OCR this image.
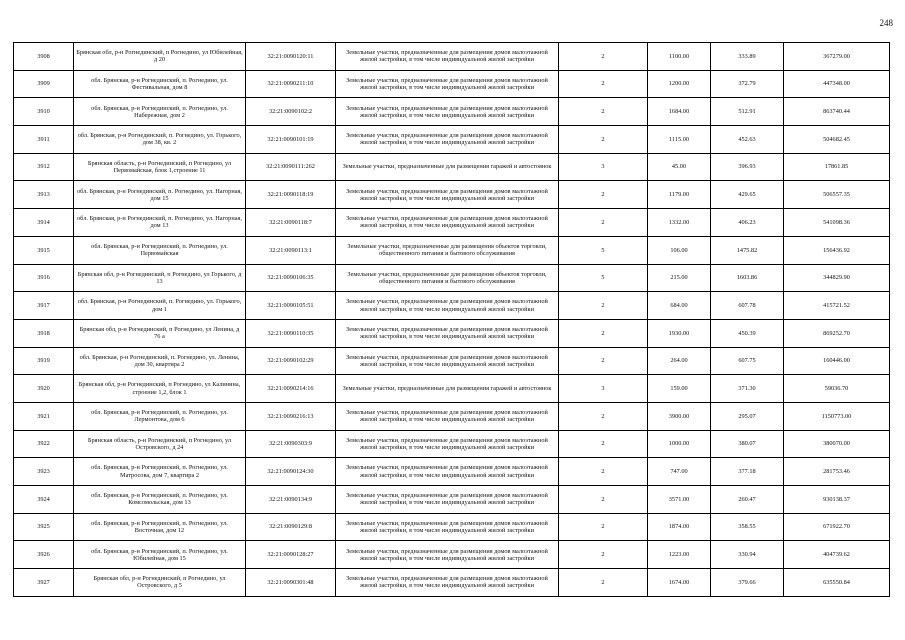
248
3908	Брянская обл, р-н Рогнединский, п Рогнедино, ул Юбилейная, д 20	32:21:0090120:11	Земельные участки, предназначенные для размещения домов малоэтажной жилой застройки, в том числе индивидуальной жилой застройки	2	1100.00	333.89	367279.00
3909	обл. Брянская, р-н Рогнединский, п. Рогнедино, ул. Фестивальная, дом 8	32:21:0090211:10	Земельные участки, предназначенные для размещения домов малоэтажной жилой застройки, в том числе индивидуальной жилой застройки	2	1200.00	372.79	447348.00
3910	обл. Брянская, р-н Рогнединский, п. Рогнедино, ул. Набережная, дом 2	32:21:0090102:2	Земельные участки, предназначенные для размещения домов малоэтажной жилой застройки, в том числе индивидуальной жилой застройки	2	1684.00	512.91	863740.44
3911	обл. Брянская, р-н Рогнединский, п. Рогнедино, ул. Горького, дом 38, кв. 2	32:21:0090101:19	Земельные участки, предназначенные для размещения домов малоэтажной жилой застройки, в том числе индивидуальной жилой застройки	2	1115.00	452.63	504682.45
3912	Брянская область, р-н Рогнединский, п Рогнедино, ул Первомайская, блок 1,строение 11	32:21:0090111:262	Земельные участки, предназначенные для размещения гаражей и автостоянок	3	45.00	396.93	17861.85
3913	обл. Брянская, р-н Рогнединский, п. Рогнедино, ул. Нагорная, дом 15	32:21:0090118:19	Земельные участки, предназначенные для размещения домов малоэтажной жилой застройки, в том числе индивидуальной жилой застройки	2	1179.00	429.65	506557.35
3914	обл. Брянская, р-н Рогнединский, п. Рогнедино, ул. Нагорная, дом 13	32:21:0090118:7	Земельные участки, предназначенные для размещения домов малоэтажной жилой застройки, в том числе индивидуальной жилой застройки	2	1332.00	406.23	541098.36
3915	обл. Брянская, р-н Рогнединский, п. Рогнедино, ул. Первомайская	32:21:0090113:1	Земельные участки, предназначенные для размещения объектов торговли, общественного питания и бытового обслуживания	5	106.00	1475.82	156436.92
3916	Брянская обл, р-н Рогнединский, п Рогнедино, ул Горького, д 13	32:21:0090106:35	Земельные участки, предназначенные для размещения объектов торговли, общественного питания и бытового обслуживания	5	215.00	1603.86	344829.90
3917	обл. Брянская, р-н Рогнединский, п. Рогнедино, ул. Горького, дом 1	32:21:0090105:51	Земельные участки, предназначенные для размещения домов малоэтажной жилой застройки, в том числе индивидуальной жилой застройки	2	684.00	607.78	415721.52
3918	Брянская обл, р-н Рогнединский, п Рогнедино, ул Ленина, д 76 а	32:21:0090110:35	Земельные участки, предназначенные для размещения домов малоэтажной жилой застройки, в том числе индивидуальной жилой застройки	2	1930.00	450.39	869252.70
3919	обл. Брянская, р-н Рогнединский, п. Рогнедино, ул. Ленина, дом 30, квартира 2	32:21:0090102:29	Земельные участки, предназначенные для размещения домов малоэтажной жилой застройки, в том числе индивидуальной жилой застройки	2	264.00	607.75	160446.00
3920	Брянская обл, р-н Рогнединский, п Рогнедино, ул Калинина, строение 1,2, блок 1	32:21:0090214:16	Земельные участки, предназначенные для размещения гаражей и автостоянок	3	159.00	371.30	59036.70
3921	обл. Брянская, р-н Рогнединский, п. Рогнедино, ул. Лермонтова, дом 6	32:21:0090216:13	Земельные участки, предназначенные для размещения домов малоэтажной жилой застройки, в том числе индивидуальной жилой застройки	2	3900.00	295.07	1150773.00
3922	Брянская область, р-н Рогнединский, п Рогнедино, ул Островского, д 24	32:21:0090303:9	Земельные участки, предназначенные для размещения домов малоэтажной жилой застройки, в том числе индивидуальной жилой застройки	2	1000.00	380.07	380070.00
3923	обл. Брянская, р-н Рогнединский, п. Рогнедино, ул. Матросова, дом 7, квартира 2	32:21:0090124:30	Земельные участки, предназначенные для размещения домов малоэтажной жилой застройки, в том числе индивидуальной жилой застройки	2	747.00	377.18	281753.46
3924	обл. Брянская, р-н Рогнединский, п. Рогнедино, ул. Комсомольская, дом 13	32:21:0090134:9	Земельные участки, предназначенные для размещения домов малоэтажной жилой застройки, в том числе индивидуальной жилой застройки	2	3571.00	260.47	930138.37
3925	обл. Брянская, р-н Рогнединский, п. Рогнедино, ул. Восточная, дом 12	32:21:0090129:8	Земельные участки, предназначенные для размещения домов малоэтажной жилой застройки, в том числе индивидуальной жилой застройки	2	1874.00	358.55	671922.70
3926	обл. Брянская, р-н Рогнединский, п. Рогнедино, ул. Юбилейная, дом 15	32:21:0090128:27	Земельные участки, предназначенные для размещения домов малоэтажной жилой застройки, в том числе индивидуальной жилой застройки	2	1223.00	330.94	404739.62
3927	Брянская обл, р-н Рогнединский, п Рогнедино, ул Островского, д 5	32:21:0090301:48	Земельные участки, предназначенные для размещения домов малоэтажной жилой застройки, в том числе индивидуальной жилой застройки	2	1674.00	379.66	635550.84
